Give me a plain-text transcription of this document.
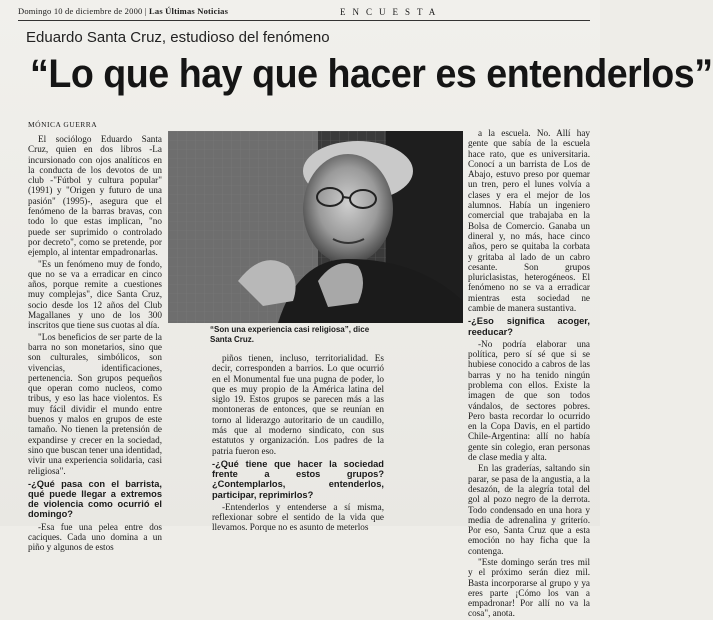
Domingo 10 de diciembre de 2000 | Las Últimas Noticias	ENCUESTA
Eduardo Santa Cruz, estudioso del fenómeno
“Lo que hay que hacer es entenderlos”
MÓNICA GUERRA
“Son una experiencia casi religiosa”, dice Santa Cruz.

El sociólogo Eduardo Santa Cruz, quien en dos libros -La incursionado con ojos analíticos en la conducta de los devotos de un club -"Fútbol y cultura popular" (1991) y "Origen y futuro de una pasión" (1995)-, asegura que el fenómeno de la barras bravas, con todo lo que estas implican, "no puede ser suprimido o controlado por decreto", como se pretende, por ejemplo, al intentar empadronarlas.

"Es un fenómeno muy de fondo, que no se va a erradicar en cinco años, porque remite a cuestiones muy complejas", dice Santa Cruz, socio desde los 12 años del Club Magallanes y uno de los 300 inscritos que tiene sus cuotas al día.

"Los beneficios de ser parte de la barra no son monetarios, sino que son culturales, simbólicos, son vivencias, identificaciones, pertenencia. Son grupos pequeños que operan como nucleos, como tribus, y eso las hace violentos. Es muy fácil dividir el mundo entre buenos y malos en grupos de este tamaño. No tienen la pretensión de expandirse y crecer en la sociedad, sino que buscan tener una identidad, vivir una experiencia solidaria, casi religiosa".

-¿Qué pasa con el barrista, qué puede llegar a extremos de violencia como ocurrió el domingo?

-Esa fue una pelea entre dos caciques. Cada uno domina a un piño y algunos de estos

piños tienen, incluso, territorialidad. Es decir, corresponden a barrios. Lo que ocurrió en el Monumental fue una pugna de poder, lo que es muy propio de la América latina del siglo 19. Estos grupos se parecen más a las montoneras de entonces, que se reunían en torno al liderazgo autoritario de un caudillo, más que al moderno sindicato, con sus estatutos y organización. Los padres de la patria fueron eso.

-¿Qué tiene que hacer la sociedad frente a estos grupos? ¿Contemplarlos, entenderlos, participar, reprimirlos?

-Entenderlos y entenderse a sí misma, reflexionar sobre el sentido de la vida que llevamos. Porque no es asunto de meterlos

a la escuela. No. Allí hay gente que sabía de la escuela hace rato, que es universitaria. Conocí a un barrista de Los de Abajo, estuvo preso por quemar un tren, pero el lunes volvía a clases y era el mejor de los alumnos. Había un ingeniero comercial que trabajaba en la Bolsa de Comercio. Ganaba un dineral y, no más, hace cinco años, pero se quitaba la corbata y gritaba al lado de un cabro cesante. Son grupos pluriclasistas, heterogéneos. El fenómeno no se va a erradicar mientras esta sociedad ne cambie de manera sustantiva.

-¿Eso significa acoger, reeducar?

-No podría elaborar una política, pero sí sé que si se hubiese conocido a cabros de las barras y no ha tenido ningún problema con ellos. Existe la imagen de que son todos vándalos, de sectores pobres. Pero basta recordar lo ocurrido en la Copa Davis, en el partido Chile-Argentina: allí no había gente sin colegio, eran personas de clase media y alta.

En las graderías, saltando sin parar, se pasa de la angustia, a la desazón, de la alegría total del gol al pozo negro de la derrota. Todo condensado en una hora y media de adrenalina y griterío. Por eso, Santa Cruz que a esta emoción no hay ficha que la contenga.

"Este domingo serán tres mil y el próximo serán diez mil. Basta incorporarse al grupo y ya eres parte ¡Cómo los van a empadronar! Por allí no va la cosa", anota.
